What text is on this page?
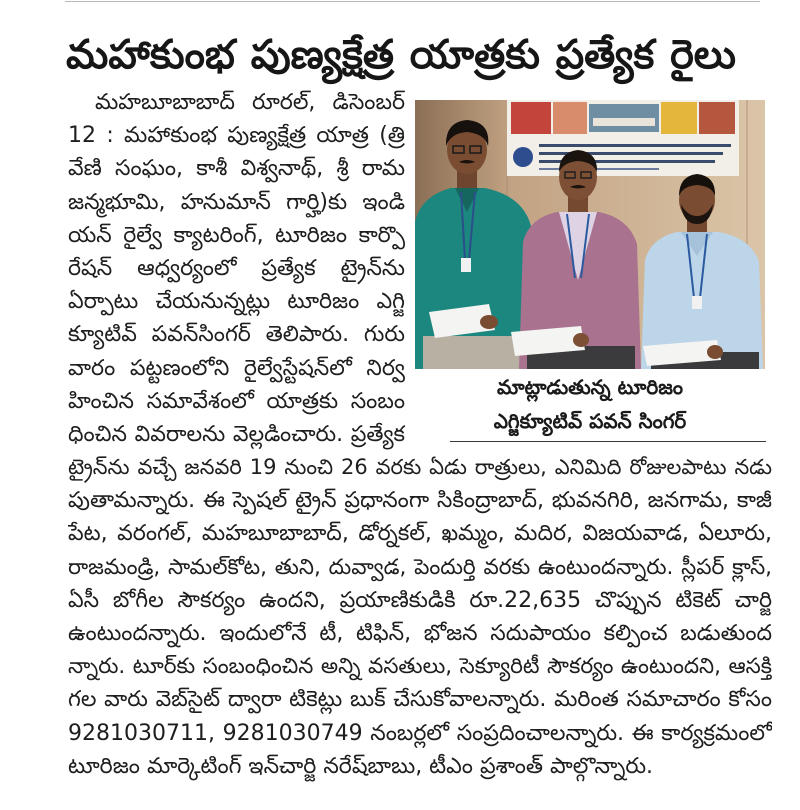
మహాకుంభ పుణ్యక్షేత్ర యాత్రకు ప్రత్యేక రైలు
మహబూబాబాద్ రూరల్, డిసెంబర్
12 : మహాకుంభ పుణ్యక్షేత్ర యాత్ర (త్రి
వేణి సంఘం, కాశీ విశ్వనాథ్, శ్రీ రామ
జన్మభూమి, హనుమాన్ గార్హి)కు ఇండి
యన్ రైల్వే క్యాటరింగ్, టూరిజం కార్పొ
రేషన్ ఆధ్వర్యంలో ప్రత్యేక ట్రైన్‌ను
ఏర్పాటు చేయనున్నట్లు టూరిజం ఎగ్జి
క్యూటివ్ పవన్‌సింగర్ తెలిపారు. గురు
వారం పట్టణంలోని రైల్వేస్టేషన్‌లో నిర్వ
హించిన సమావేశంలో యాత్రకు సంబం
ధించిన వివరాలను వెల్లడించారు. ప్రత్యేక
మాట్లాడుతున్న టూరిజం
ఎగ్జిక్యూటివ్ పవన్ సింగర్
ట్రైన్‌ను వచ్చే జనవరి 19 నుంచి 26 వరకు ఏడు రాత్రులు, ఎనిమిది రోజులపాటు నడు
పుతామన్నారు. ఈ స్పెషల్ ట్రైన్ ప్రధానంగా సికింద్రాబాద్, భువనగిరి, జనగామ, కాజీ
పేట, వరంగల్, మహబూబాబాద్, డోర్నకల్, ఖమ్మం, మదిర, విజయవాడ, ఏలూరు,
రాజమండ్రి, సామల్‌కోట, తుని, దువ్వాడ, పెందుర్తి వరకు ఉంటుందన్నారు. స్లీపర్ క్లాస్,
ఏసీ బోగీల సౌకర్యం ఉందని, ప్రయాణికుడికి రూ.22,635 చొప్పున టికెట్ చార్జి
ఉంటుందన్నారు. ఇందులోనే టీ, టిఫిన్, భోజన సదుపాయం కల్పించ బడుతుంద
న్నారు. టూర్‌కు సంబంధించిన అన్ని వసతులు, సెక్యూరిటీ సౌకర్యం ఉంటుందని, ఆసక్తి
గల వారు వెబ్‌సైట్ ద్వారా టికెట్లు బుక్ చేసుకోవాలన్నారు. మరింత సమాచారం కోసం
9281030711, 9281030749 నంబర్లలో సంప్రదించాలన్నారు. ఈ కార్యక్రమంలో
టూరిజం మార్కెటింగ్ ఇన్‌చార్జి నరేష్‌బాబు, టీఎం ప్రశాంత్ పాల్గొన్నారు.
